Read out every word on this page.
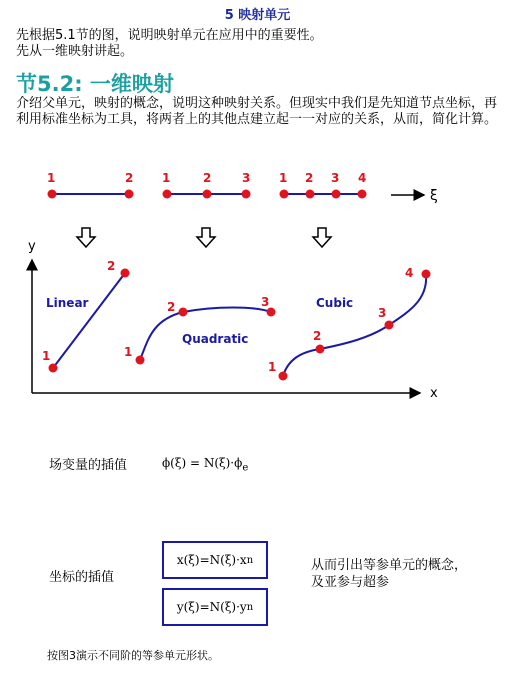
5 映射单元
先根据5.1节的图，说明映射单元在应用中的重要性。
先从一维映射讲起。
节5.2: 一维映射
介绍父单元，映射的概念，说明这种映射关系。但现实中我们是先知道节点坐标，再利用标准坐标为工具，将两者上的其他点建立起一一对应的关系，从而，简化计算。
1	2 1	2	3 1 2 3 4
ξ
y
x
1
2
Linear
1
2	3
Quadratic
1
2
3
4
Cubic
场变量的插值	$\phi(\xi) = N(\xi)\cdot\phi_e$
坐标的插值
x(ξ)=N(ξ)·x n
y(ξ)=N(ξ)·y n
从而引出等参单元的概念，
及亚参与超参
按图3演示不同阶的等参单元形状。
